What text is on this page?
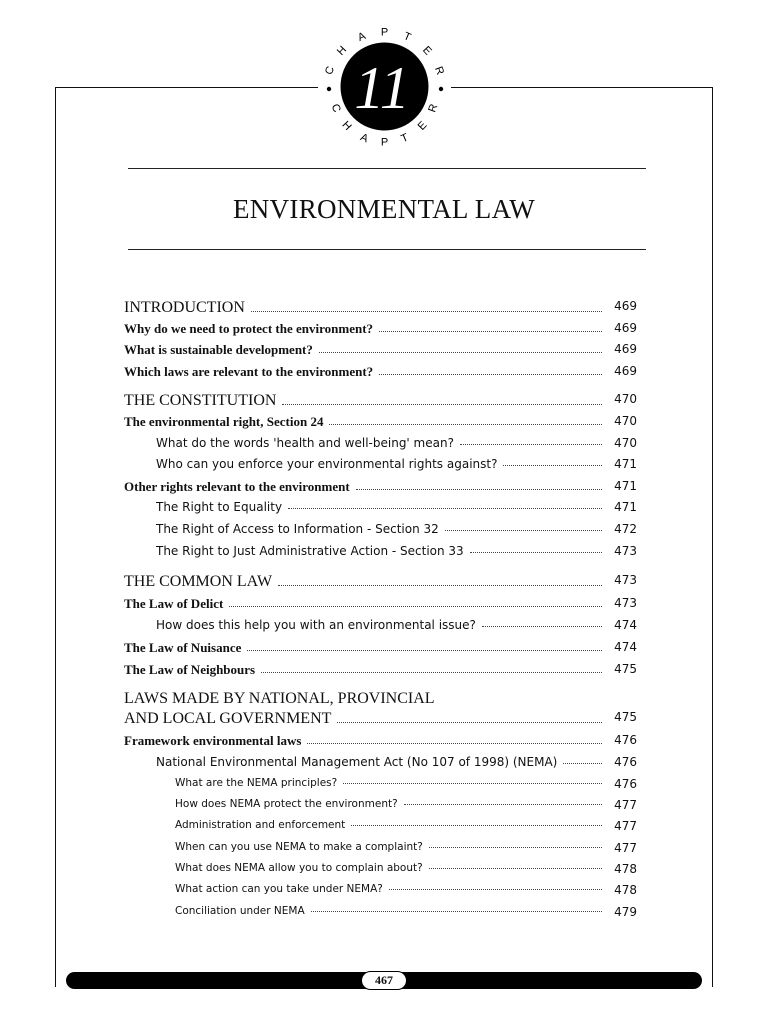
11
C
H
A P T
E
R
C
H
A P T
E
R
ENVIRONMENTAL LAW
INTRODUCTION	469
Why do we need to protect the environment?	469
What is sustainable development?	469
Which laws are relevant to the environment?	469
THE CONSTITUTION	470
The environmental right, Section 24	470
What do the words 'health and well-being' mean?	470
Who can you enforce your environmental rights against?	471
Other rights relevant to the environment	471
The Right to Equality	471
The Right of Access to Information - Section 32	472
The Right to Just Administrative Action - Section 33	473
THE COMMON LAW	473
The Law of Delict	473
How does this help you with an environmental issue?	474
The Law of Nuisance	474
The Law of Neighbours	475
LAWS MADE BY NATIONAL, PROVINCIAL
AND LOCAL GOVERNMENT	475
Framework environmental laws	476
National Environmental Management Act (No 107 of 1998) (NEMA)	476
What are the NEMA principles?	476
How does NEMA protect the environment?	477
Administration and enforcement	477
When can you use NEMA to make a complaint?	477
What does NEMA allow you to complain about?	478
What action can you take under NEMA?	478
Conciliation under NEMA	479
467
